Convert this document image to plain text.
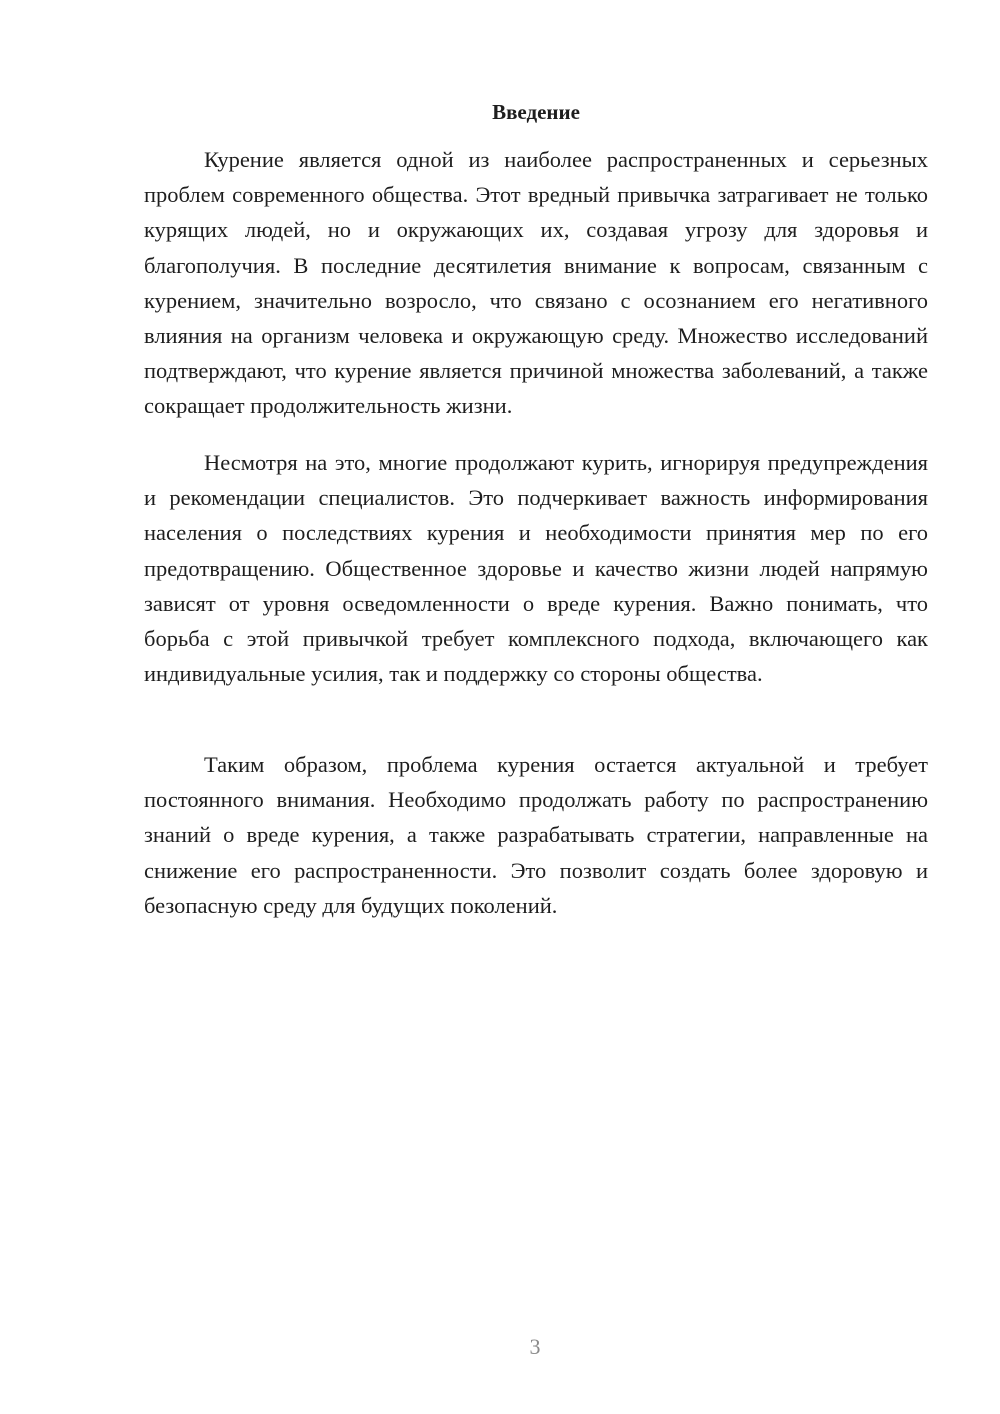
Введение

Курение является одной из наиболее распространенных и серьезных проблем современного общества. Этот вредный привычка затрагивает не только курящих людей, но и окружающих их, создавая угрозу для здоровья и благополучия. В последние десятилетия внимание к вопросам, связанным с курением, значительно возросло, что связано с осознанием его негативного влияния на организм человека и окружающую среду. Множество исследований подтверждают, что курение является причиной множества заболеваний, а также сокращает продолжительность жизни.

Несмотря на это, многие продолжают курить, игнорируя предупреждения и рекомендации специалистов. Это подчеркивает важность информирования населения о последствиях курения и необходимости принятия мер по его предотвращению. Общественное здоровье и качество жизни людей напрямую зависят от уровня осведомленности о вреде курения. Важно понимать, что борьба с этой привычкой требует комплексного подхода, включающего как индивидуальные усилия, так и поддержку со стороны общества.

Таким образом, проблема курения остается актуальной и требует постоянного внимания. Необходимо продолжать работу по распространению знаний о вреде курения, а также разрабатывать стратегии, направленные на снижение его распространенности. Это позволит создать более здоровую и безопасную среду для будущих поколений.

3
